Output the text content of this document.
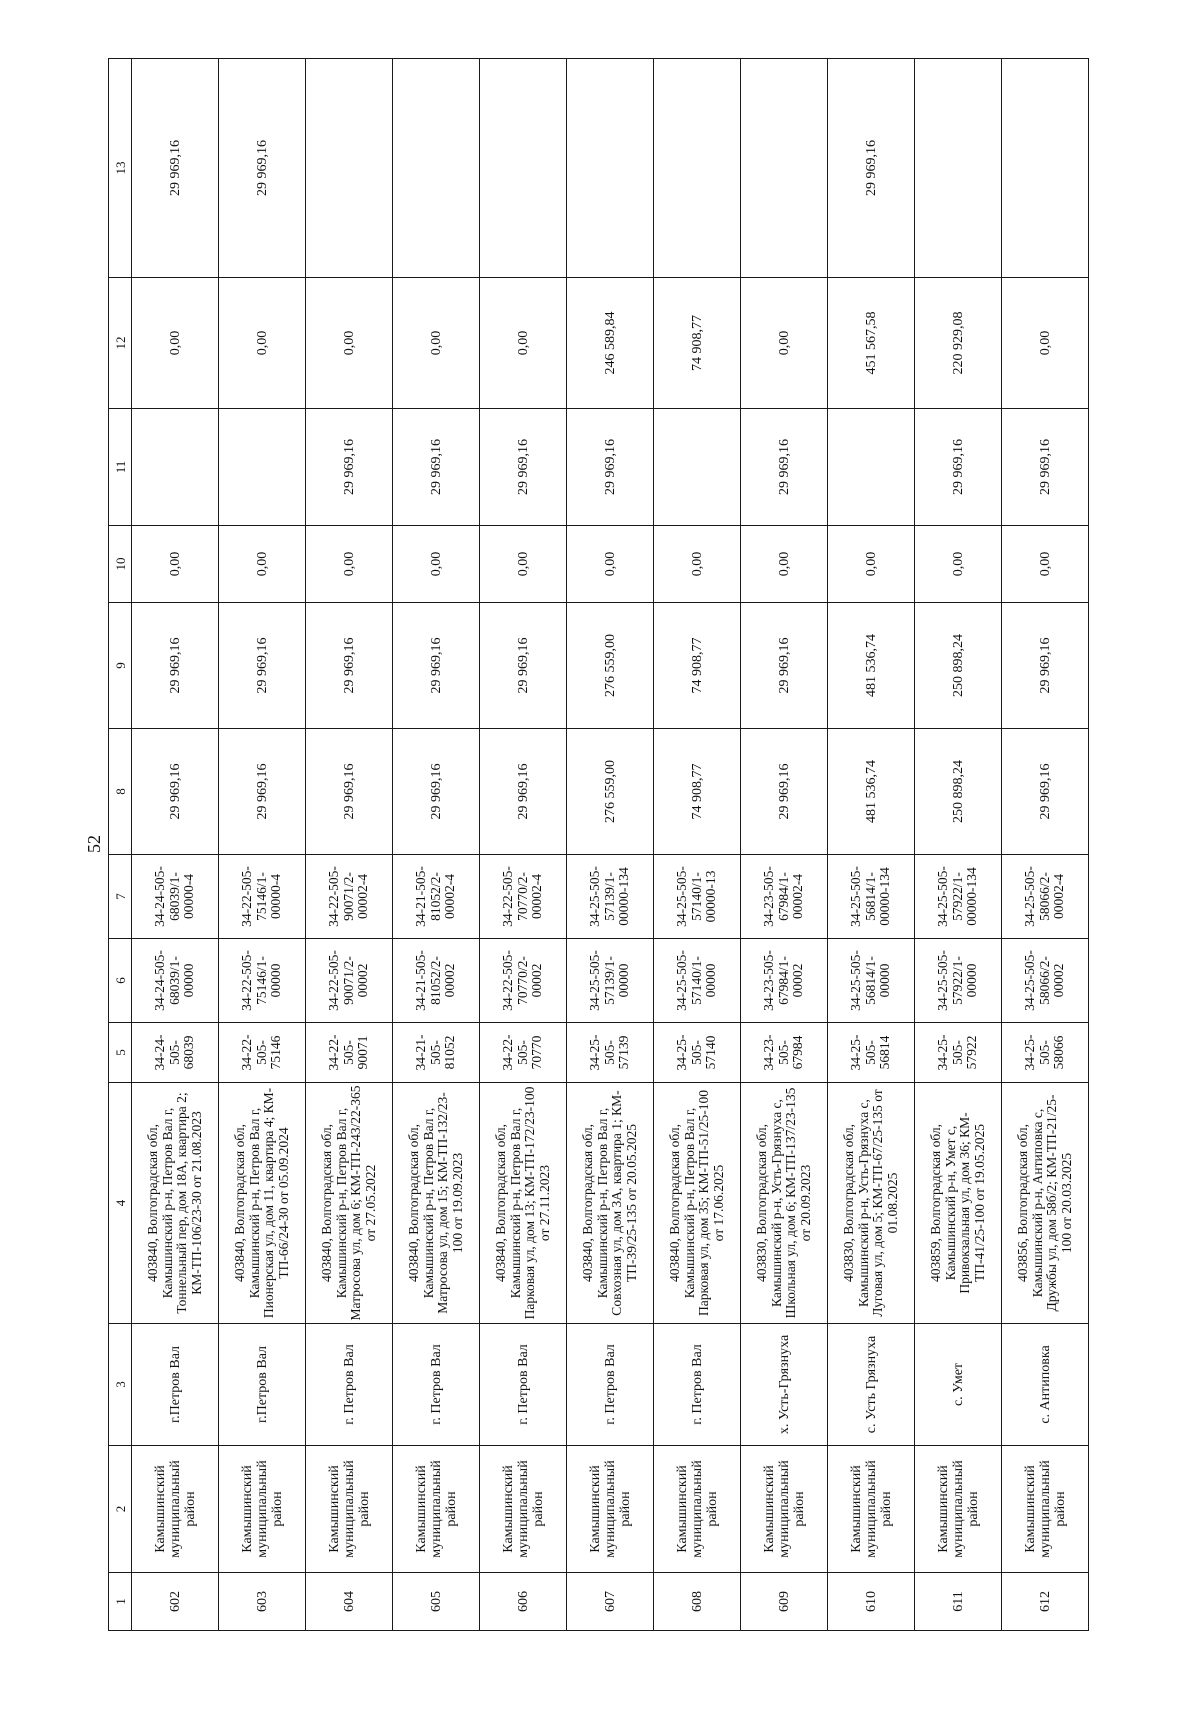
52
1	2	3	4	5	6	7	8	9	10	11	12	13
602	Камышинский муниципальный район	г.Петров Вал	403840, Волгоградская обл, Камышинский р-н, Петров Вал г, Тоннельный пер, дом 18А, квартира 2; КМ-ТП-106/23-30 от 21.08.2023	34-24-505-68039	34-24-505-68039/1-00000	34-24-505-68039/1-00000-4	29 969,16	29 969,16	0,00		0,00	29 969,16
603	Камышинский муниципальный район	г.Петров Вал	403840, Волгоградская обл, Камышинский р-н, Петров Вал г, Пионерская ул, дом 11, квартира 4; КМ-ТП-66/24-30 от 05.09.2024	34-22-505-75146	34-22-505-75146/1-00000	34-22-505-75146/1-00000-4	29 969,16	29 969,16	0,00		0,00	29 969,16
604	Камышинский муниципальный район	г. Петров Вал	403840, Волгоградская обл, Камышинский р-н, Петров Вал г, Матросова ул, дом 6; КМ-ТП-243/22-365 от 27.05.2022	34-22-505-90071	34-22-505-90071/2-00002	34-22-505-90071/2-00002-4	29 969,16	29 969,16	0,00	29 969,16	0,00	
605	Камышинский муниципальный район	г. Петров Вал	403840, Волгоградская обл, Камышинский р-н, Петров Вал г, Матросова ул, дом 15; КМ-ТП-132/23-100 от 19.09.2023	34-21-505-81052	34-21-505-81052/2-00002	34-21-505-81052/2-00002-4	29 969,16	29 969,16	0,00	29 969,16	0,00	
606	Камышинский муниципальный район	г. Петров Вал	403840, Волгоградская обл, Камышинский р-н, Петров Вал г, Парковая ул, дом 13; КМ-ТП-172/23-100 от 27.11.2023	34-22-505-70770	34-22-505-70770/2-00002	34-22-505-70770/2-00002-4	29 969,16	29 969,16	0,00	29 969,16	0,00	
607	Камышинский муниципальный район	г. Петров Вал	403840, Волгоградская обл, Камышинский р-н, Петров Вал г, Совхозная ул, дом 3А, квартира 1; КМ-ТП-39/25-135 от 20.05.2025	34-25-505-57139	34-25-505-57139/1-00000	34-25-505-57139/1-00000-134	276 559,00	276 559,00	0,00	29 969,16	246 589,84	
608	Камышинский муниципальный район	г. Петров Вал	403840, Волгоградская обл, Камышинский р-н, Петров Вал г, Парковая ул, дом 35; КМ-ТП-51/25-100 от 17.06.2025	34-25-505-57140	34-25-505-57140/1-00000	34-25-505-57140/1-00000-13	74 908,77	74 908,77	0,00		74 908,77	
609	Камышинский муниципальный район	х. Усть-Грязнуха	403830, Волгоградская обл, Камышинский р-н, Усть-Грязнуха с, Школьная ул, дом 6; КМ-ТП-137/23-135 от 20.09.2023	34-23-505-67984	34-23-505-67984/1-00002	34-23-505-67984/1-00002-4	29 969,16	29 969,16	0,00	29 969,16	0,00	
610	Камышинский муниципальный район	с. Усть Грязнуха	403830, Волгоградская обл, Камышинский р-н, Усть-Грязнуха с, Луговая ул, дом 5; КМ-ТП-67/25-135 от 01.08.2025	34-25-505-56814	34-25-505-56814/1-00000	34-25-505-56814/1-00000-134	481 536,74	481 536,74	0,00		451 567,58	29 969,16
611	Камышинский муниципальный район	с. Умет	403859, Волгоградская обл, Камышинский р-н, Умет с, Привокзальная ул, дом 36; КМ-ТП-41/25-100 от 19.05.2025	34-25-505-57922	34-25-505-57922/1-00000	34-25-505-57922/1-00000-134	250 898,24	250 898,24	0,00	29 969,16	220 929,08	
612	Камышинский муниципальный район	с. Антиповка	403856, Волгоградская обл, Камышинский р-н, Антиповка с, Дружбы ул, дом 58б/2; КМ-ТП-21/25-100 от 20.03.2025	34-25-505-58066	34-25-505-58066/2-00002	34-25-505-58066/2-00002-4	29 969,16	29 969,16	0,00	29 969,16	0,00	
